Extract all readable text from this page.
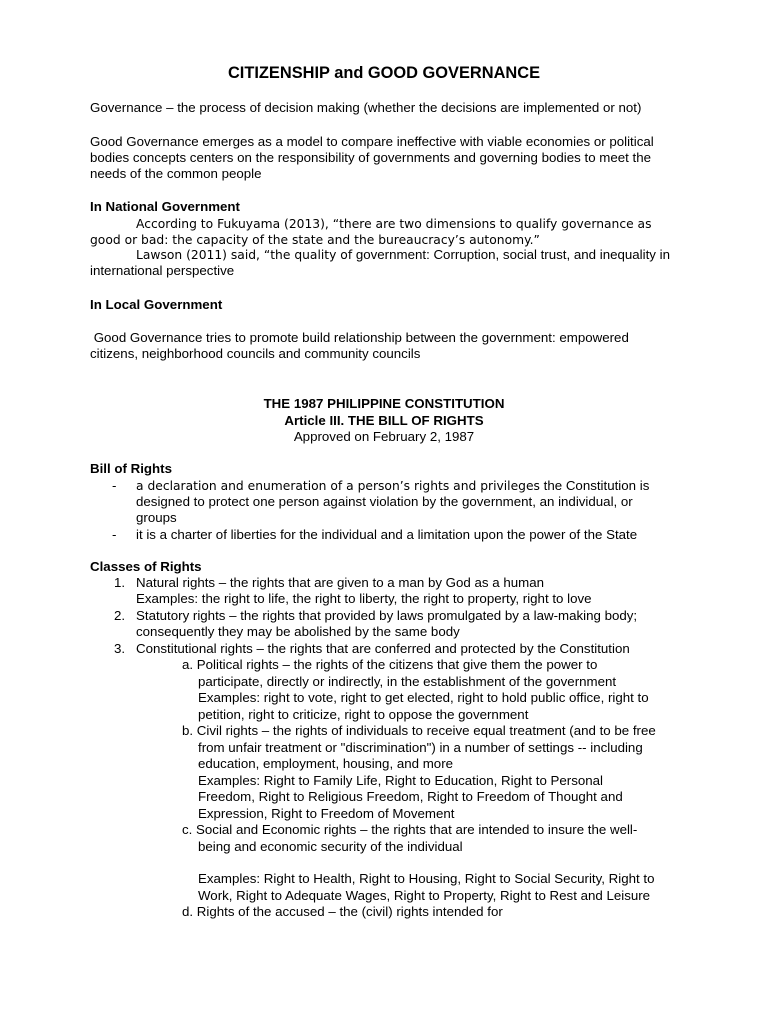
CITIZENSHIP and GOOD GOVERNANCE
Governance – the process of decision making (whether the decisions are implemented or not)
Good Governance emerges as a model to compare ineffective with viable economies or political
bodies concepts centers on the responsibility of governments and governing bodies to meet the
needs of the common people
In National Government
According to Fukuyama (2013), “there are two dimensions to qualify governance as
good or bad: the capacity of the state and the bureaucracy’s autonomy.”
Lawson (2011) said, “the quality of government: Corruption, social trust, and inequality in
international perspective
In Local Government
Good Governance tries to promote build relationship between the government: empowered
citizens, neighborhood councils and community councils
THE 1987 PHILIPPINE CONSTITUTION
Article III. THE BILL OF RIGHTS
Approved on February 2, 1987
Bill of Rights
- a declaration and enumeration of a person’s rights and privileges the Constitution is
designed to protect one person against violation by the government, an individual, or
groups
- it is a charter of liberties for the individual and a limitation upon the power of the State
Classes of Rights
1. Natural rights – the rights that are given to a man by God as a human
Examples: the right to life, the right to liberty, the right to property, right to love
2. Statutory rights – the rights that provided by laws promulgated by a law-making body;
consequently they may be abolished by the same body
3. Constitutional rights – the rights that are conferred and protected by the Constitution
a. Political rights – the rights of the citizens that give them the power to
participate, directly or indirectly, in the establishment of the government
Examples: right to vote, right to get elected, right to hold public office, right to
petition, right to criticize, right to oppose the government
b. Civil rights – the rights of individuals to receive equal treatment (and to be free
from unfair treatment or "discrimination") in a number of settings -- including
education, employment, housing, and more
Examples: Right to Family Life, Right to Education, Right to Personal
Freedom, Right to Religious Freedom, Right to Freedom of Thought and
Expression, Right to Freedom of Movement
c. Social and Economic rights – the rights that are intended to insure the well-
being and economic security of the individual
Examples: Right to Health, Right to Housing, Right to Social Security, Right to
Work, Right to Adequate Wages, Right to Property, Right to Rest and Leisure
d. Rights of the accused – the (civil) rights intended for
